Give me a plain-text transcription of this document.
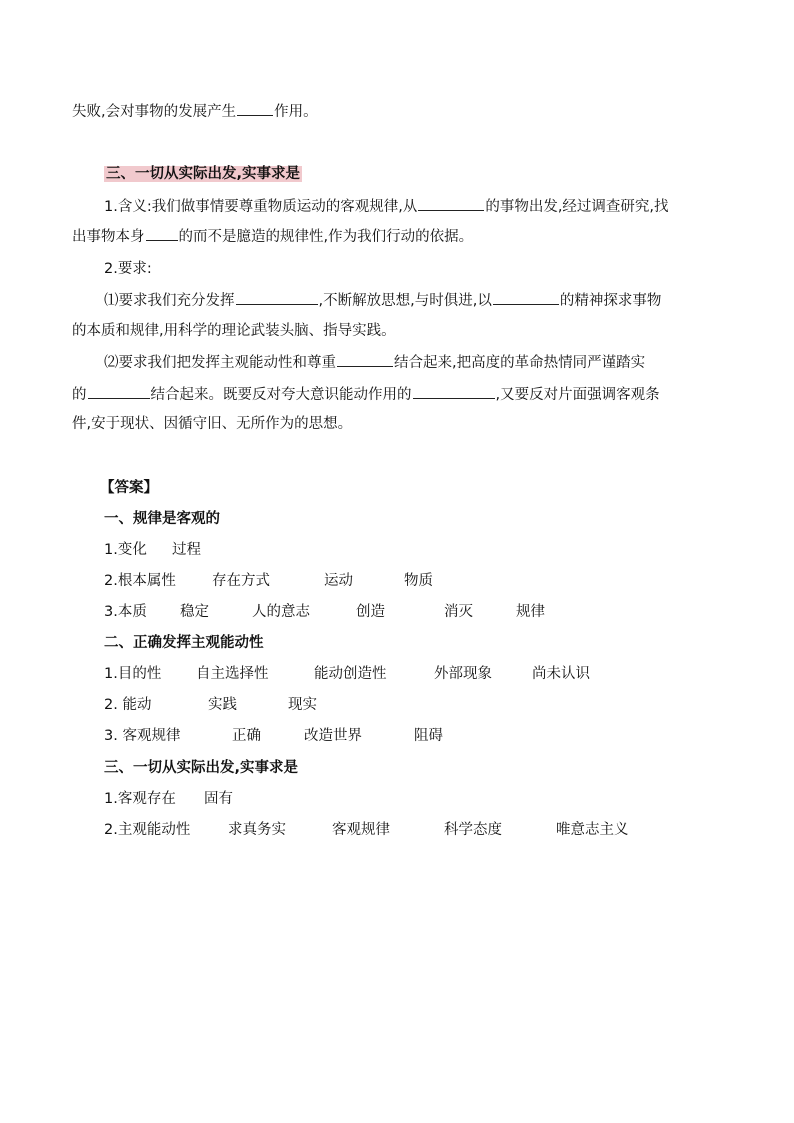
失败,会对事物的发展产生	作用。
三、一切从实际出发,实事求是
1.含义:我们做事情要尊重物质运动的客观规律,从	的事物出发,经过调查研究,找
出事物本身 的而不是臆造的规律性,作为我们行动的依据。
2.要求:
⑴要求我们充分发挥	,不断解放思想,与时俱进,以	的精神探求事物
的本质和规律,用科学的理论武装头脑、指导实践。
⑵要求我们把发挥主观能动性和尊重	结合起来,把高度的革命热情同严谨踏实
的	结合起来。既要反对夸大意识能动作用的	,又要反对片面强调客观条
件,安于现状、因循守旧、无所作为的思想。
【答案】
一、规律是客观的
1.变化 过程
2.根本属性 存在方式	运动	物质
3.本质 稳定	人的意志	创造	消灭	规律
二、正确发挥主观能动性
1.目的性 自主选择性	能动创造性	外部现象	尚未认识
2. 能动	实践	现实
3. 客观规律	正确	改造世界	阻碍
三、一切从实际出发,实事求是
1.客观存在 固有
2.主观能动性	求真务实	客观规律	科学态度	唯意志主义
